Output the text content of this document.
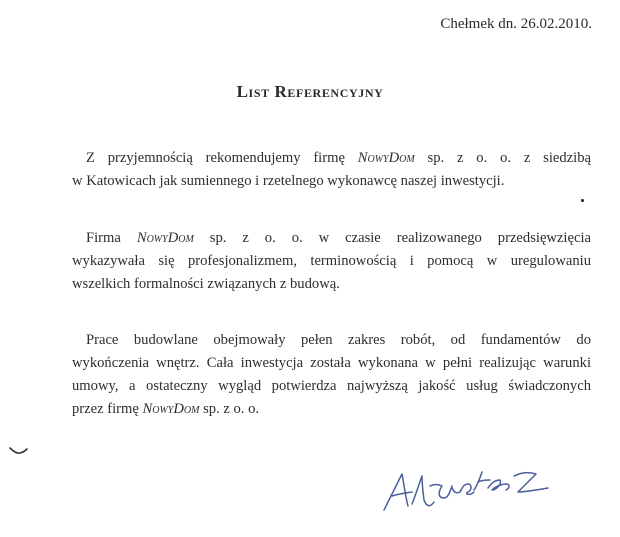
Chełmek dn. 26.02.2010.
List Referencyjny
Z przyjemnością rekomendujemy firmę NowyDom sp. z o. o. z siedzibą
w Katowicach jak sumiennego i rzetelnego wykonawcę naszej inwestycji.
Firma NowyDom sp. z o. o. w czasie realizowanego przedsięwzięcia
wykazywała się profesjonalizmem, terminowością i pomocą w uregulowaniu
wszelkich formalności związanych z budową.
Prace budowlane obejmowały pełen zakres robót, od fundamentów do
wykończenia wnętrz. Cała inwestycja została wykonana w pełni realizując warunki
umowy, a ostateczny wygląd potwierdza najwyższą jakość usług świadczonych
przez firmę NowyDom sp. z o. o.
